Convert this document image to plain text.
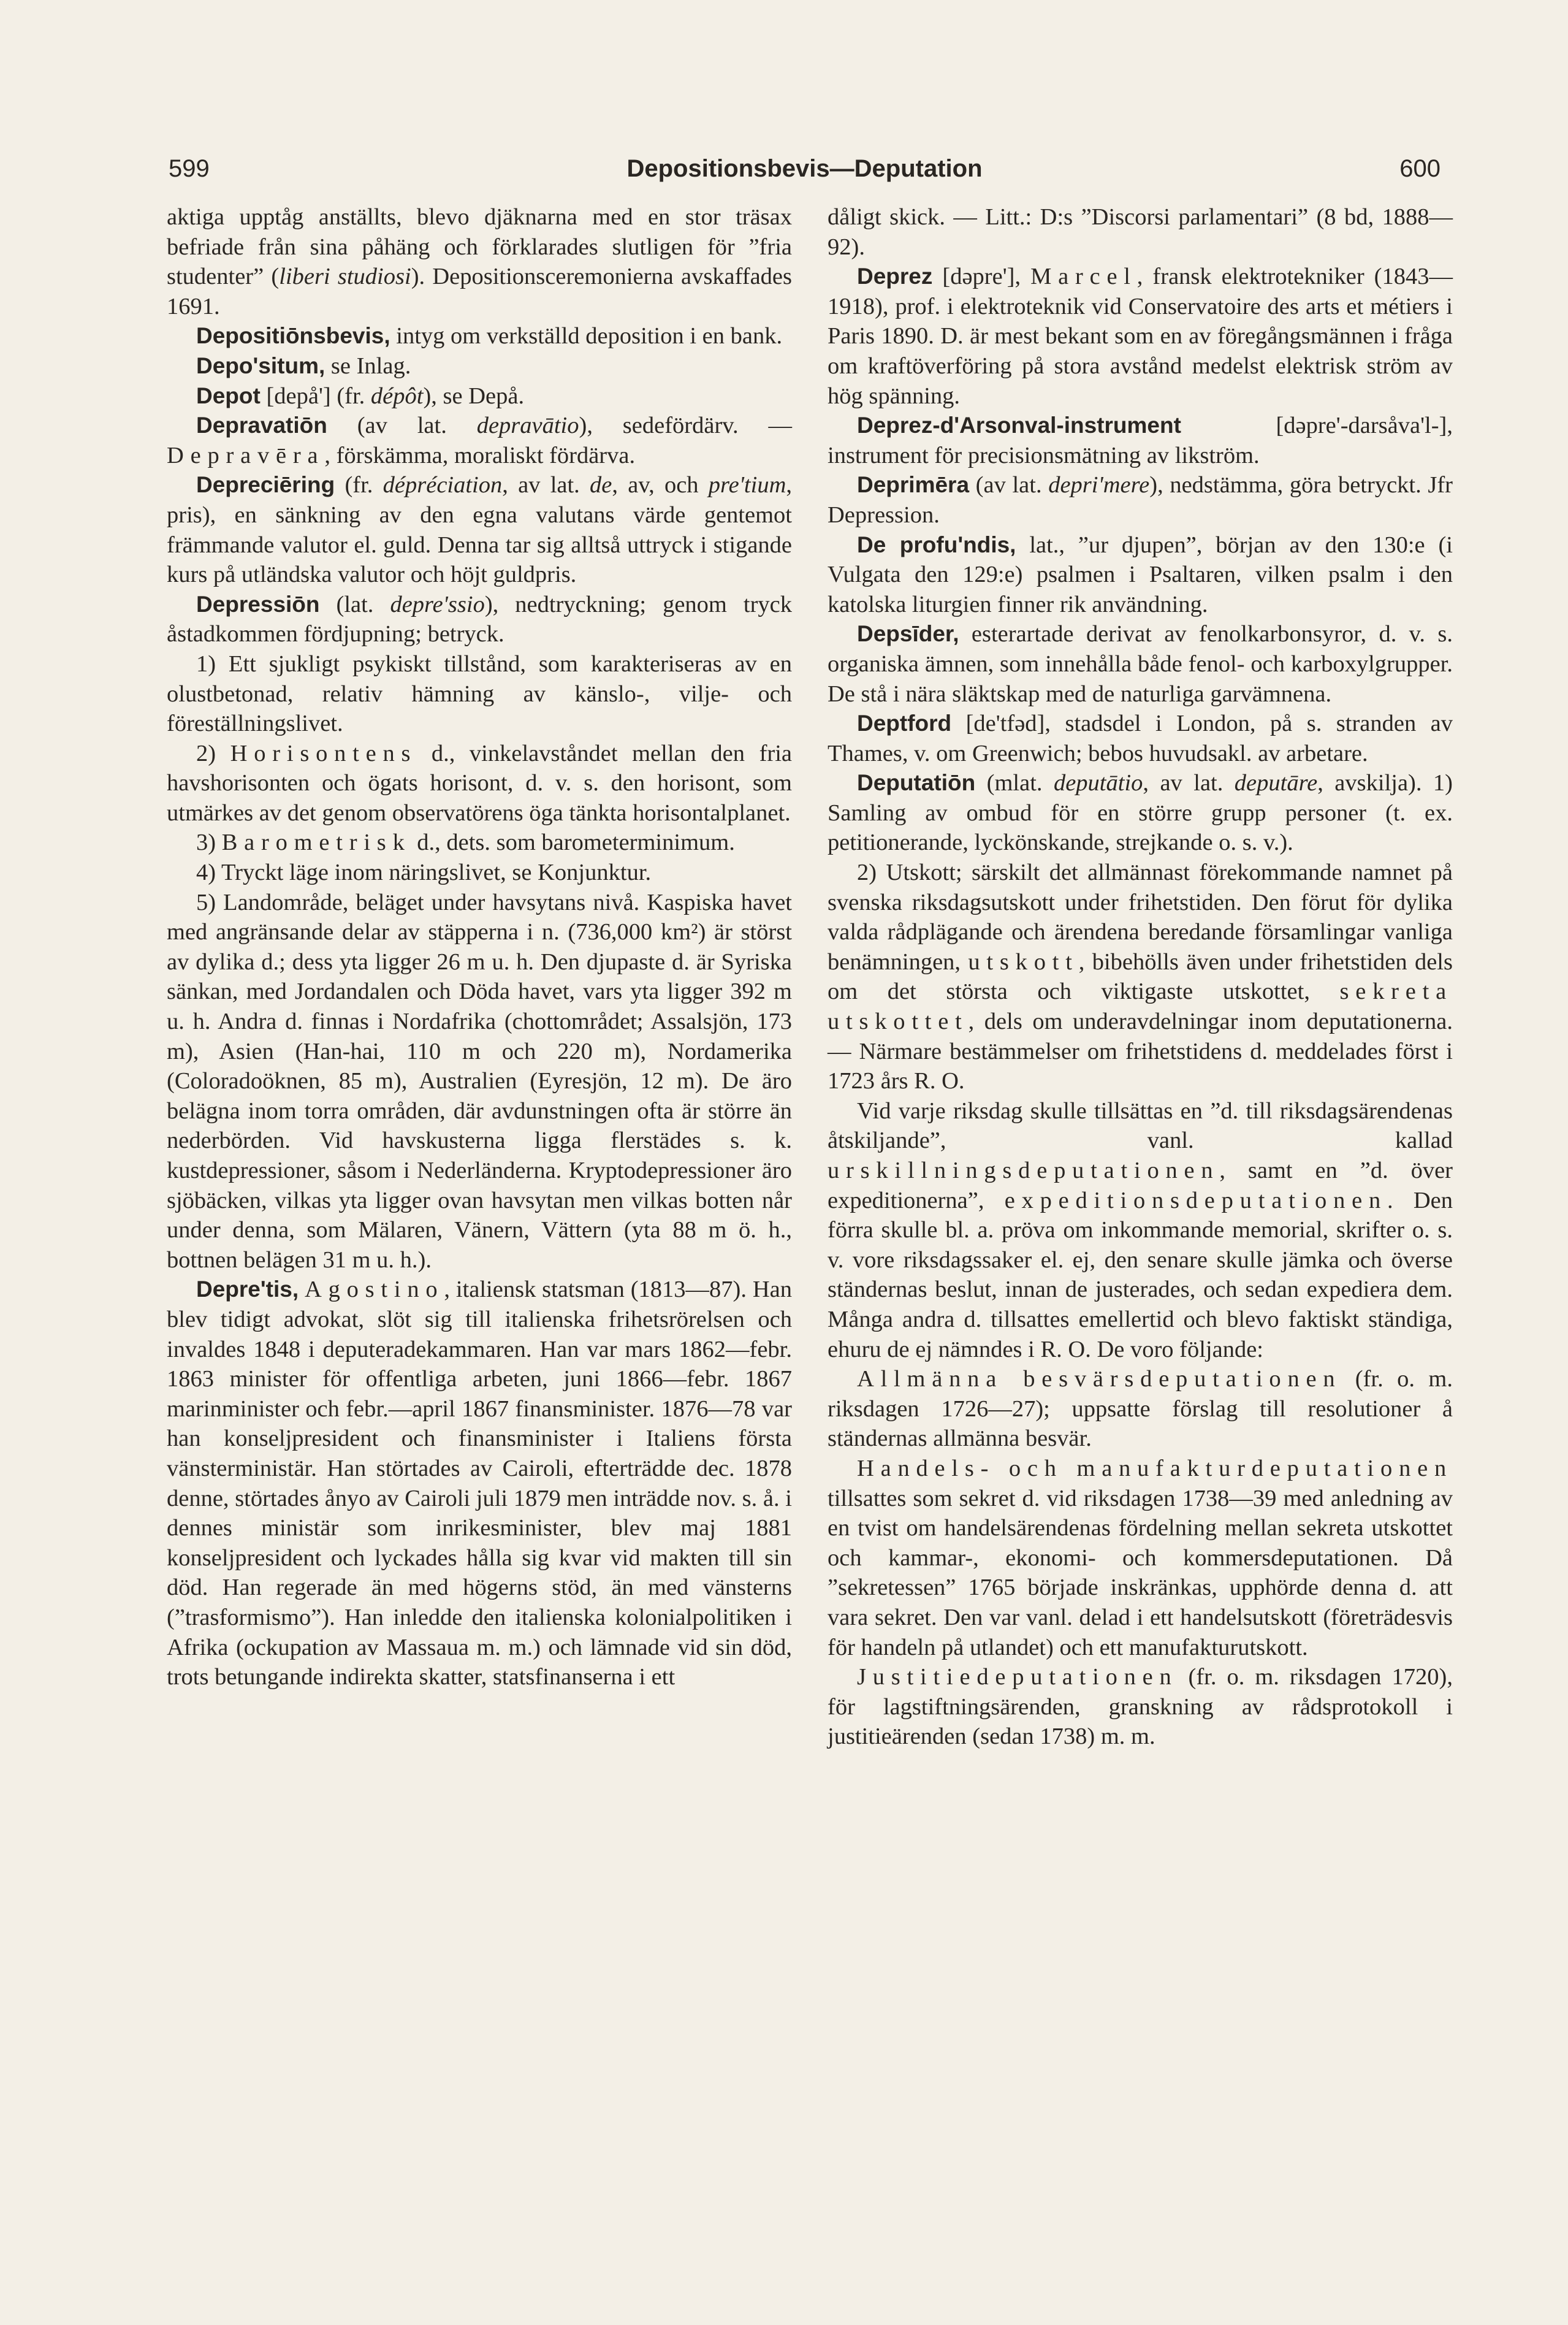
599	Depositionsbevis—Deputation	600

aktiga upptåg anställts, blevo djäknarna med en stor träsax befriade från sina påhäng och förklarades slutligen för ”fria studenter” (liberi studiosi). Depositionsceremonierna avskaffades 1691.

Depositiōnsbevis, intyg om verkställd deposition i en bank.

Depo'situm, se Inlag.

Depot [depå'] (fr. dépôt), se Depå.

Depravatiōn (av lat. depravātio), sedefördärv. — Depravēra, förskämma, moraliskt fördärva.

Depreciēring (fr. dépréciation, av lat. de, av, och pre'tium, pris), en sänkning av den egna valutans värde gentemot främmande valutor el. guld. Denna tar sig alltså uttryck i stigande kurs på utländska valutor och höjt guldpris.

Depressiōn (lat. depre'ssio), nedtryckning; genom tryck åstadkommen fördjupning; betryck.

1) Ett sjukligt psykiskt tillstånd, som karakteriseras av en olustbetonad, relativ hämning av känslo-, vilje- och föreställningslivet.

2) Horisontens d., vinkelavståndet mellan den fria havshorisonten och ögats horisont, d. v. s. den horisont, som utmärkes av det genom observatörens öga tänkta horisontalplanet.

3) Barometrisk d., dets. som barometerminimum.

4) Tryckt läge inom näringslivet, se Konjunktur.

5) Landområde, beläget under havsytans nivå. Kaspiska havet med angränsande delar av stäpperna i n. (736,000 km²) är störst av dylika d.; dess yta ligger 26 m u. h. Den djupaste d. är Syriska sänkan, med Jordandalen och Döda havet, vars yta ligger 392 m u. h. Andra d. finnas i Nordafrika (chottområdet; Assalsjön, 173 m), Asien (Han-hai, 110 m och 220 m), Nordamerika (Coloradoöknen, 85 m), Australien (Eyresjön, 12 m). De äro belägna inom torra områden, där avdunstningen ofta är större än nederbörden. Vid havskusterna ligga flerstädes s. k. kustdepressioner, såsom i Nederländerna. Kryptodepressioner äro sjöbäcken, vilkas yta ligger ovan havsytan men vilkas botten når under denna, som Mälaren, Vänern, Vättern (yta 88 m ö. h., bottnen belägen 31 m u. h.).

Depre'tis, Agostino, italiensk statsman (1813—87). Han blev tidigt advokat, slöt sig till italienska frihetsrörelsen och invaldes 1848 i deputeradekammaren. Han var mars 1862—febr. 1863 minister för offentliga arbeten, juni 1866—febr. 1867 marinminister och febr.—april 1867 finansminister. 1876—78 var han konseljpresident och finansminister i Italiens första vänsterministär. Han störtades av Cairoli, efterträdde dec. 1878 denne, störtades ånyo av Cairoli juli 1879 men inträdde nov. s. å. i dennes ministär som inrikesminister, blev maj 1881 konseljpresident och lyckades hålla sig kvar vid makten till sin död. Han regerade än med högerns stöd, än med vänsterns (”trasformismo”). Han inledde den italienska kolonialpolitiken i Afrika (ockupation av Massaua m. m.) och lämnade vid sin död, trots betungande indirekta skatter, statsfinanserna i ett

dåligt skick. — Litt.: D:s ”Discorsi parlamentari” (8 bd, 1888—92).

Deprez [dəpre'], Marcel, fransk elektrotekniker (1843—1918), prof. i elektroteknik vid Conservatoire des arts et métiers i Paris 1890. D. är mest bekant som en av föregångsmännen i fråga om kraftöverföring på stora avstånd medelst elektrisk ström av hög spänning.

Deprez-d'Arsonval-instrument [dəpre'-darsåva'l-], instrument för precisionsmätning av likström.

Deprimēra (av lat. depri'mere), nedstämma, göra betryckt. Jfr Depression.

De profu'ndis, lat., ”ur djupen”, början av den 130:e (i Vulgata den 129:e) psalmen i Psaltaren, vilken psalm i den katolska liturgien finner rik användning.

Depsīder, esterartade derivat av fenolkarbonsyror, d. v. s. organiska ämnen, som innehålla både fenol- och karboxylgrupper. De stå i nära släktskap med de naturliga garvämnena.

Deptford [de'tfəd], stadsdel i London, på s. stranden av Thames, v. om Greenwich; bebos huvudsakl. av arbetare.

Deputatiōn (mlat. deputātio, av lat. deputāre, avskilja). 1) Samling av ombud för en större grupp personer (t. ex. petitionerande, lyckönskande, strejkande o. s. v.).

2) Utskott; särskilt det allmännast förekommande namnet på svenska riksdagsutskott under frihetstiden. Den förut för dylika valda rådplägande och ärendena beredande församlingar vanliga benämningen, utskott, bibehölls även under frihetstiden dels om det största och viktigaste utskottet, sekreta utskottet, dels om underavdelningar inom deputationerna. — Närmare bestämmelser om frihetstidens d. meddelades först i 1723 års R. O.

Vid varje riksdag skulle tillsättas en ”d. till riksdagsärendenas åtskiljande”, vanl. kallad urskillningsdeputationen, samt en ”d. över expeditionerna”, expeditionsdeputationen. Den förra skulle bl. a. pröva om inkommande memorial, skrifter o. s. v. vore riksdagssaker el. ej, den senare skulle jämka och överse ständernas beslut, innan de justerades, och sedan expediera dem. Många andra d. tillsattes emellertid och blevo faktiskt ständiga, ehuru de ej nämndes i R. O. De voro följande:

Allmänna besvärsdeputationen (fr. o. m. riksdagen 1726—27); uppsatte förslag till resolutioner å ständernas allmänna besvär.

Handels- och manufakturdeputationen tillsattes som sekret d. vid riksdagen 1738—39 med anledning av en tvist om handelsärendenas fördelning mellan sekreta utskottet och kammar-, ekonomi- och kommersdeputationen. Då ”sekretessen” 1765 började inskränkas, upphörde denna d. att vara sekret. Den var vanl. delad i ett handelsutskott (företrädesvis för handeln på utlandet) och ett manufakturutskott.

Justitiedeputationen (fr. o. m. riksdagen 1720), för lagstiftningsärenden, granskning av rådsprotokoll i justitieärenden (sedan 1738) m. m.
